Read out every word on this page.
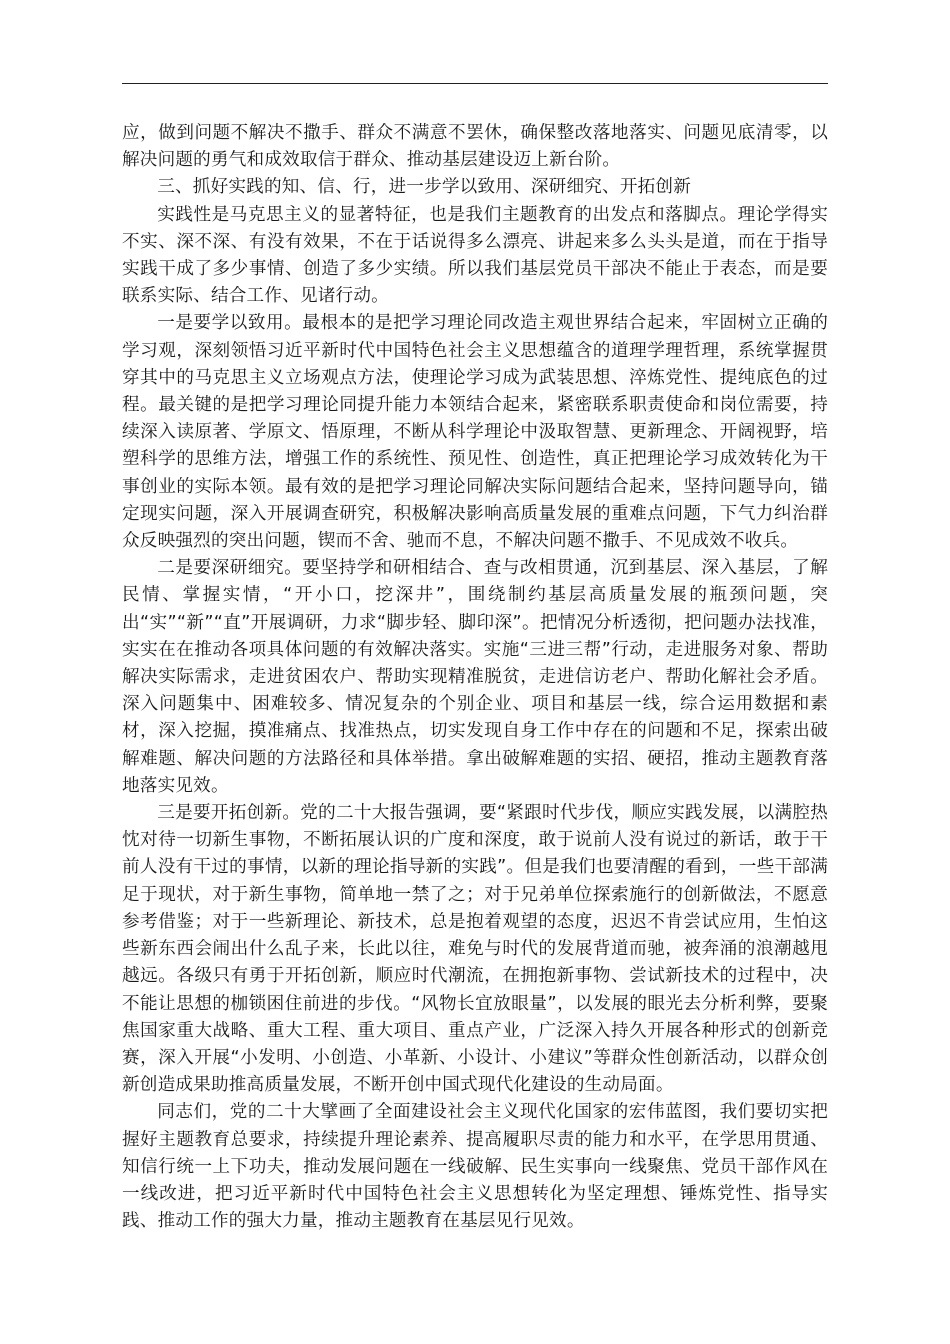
应，做到问题不解决不撒手、群众不满意不罢休，确保整改落地落实、问题见底清零，以解决问题的勇气和成效取信于群众、推动基层建设迈上新台阶。

三、抓好实践的知、信、行，进一步学以致用、深研细究、开拓创新

实践性是马克思主义的显著特征，也是我们主题教育的出发点和落脚点。理论学得实不实、深不深、有没有效果，不在于话说得多么漂亮、讲起来多么头头是道，而在于指导实践干成了多少事情、创造了多少实绩。所以我们基层党员干部决不能止于表态，而是要联系实际、结合工作、见诸行动。

一是要学以致用。最根本的是把学习理论同改造主观世界结合起来，牢固树立正确的学习观，深刻领悟习近平新时代中国特色社会主义思想蕴含的道理学理哲理，系统掌握贯穿其中的马克思主义立场观点方法，使理论学习成为武装思想、淬炼党性、提纯底色的过程。最关键的是把学习理论同提升能力本领结合起来，紧密联系职责使命和岗位需要，持续深入读原著、学原文、悟原理，不断从科学理论中汲取智慧、更新理念、开阔视野，培塑科学的思维方法，增强工作的系统性、预见性、创造性，真正把理论学习成效转化为干事创业的实际本领。最有效的是把学习理论同解决实际问题结合起来，坚持问题导向，锚定现实问题，深入开展调查研究，积极解决影响高质量发展的重难点问题，下气力纠治群众反映强烈的突出问题，锲而不舍、驰而不息，不解决问题不撒手、不见成效不收兵。

二是要深研细究。要坚持学和研相结合、查与改相贯通，沉到基层、深入基层，了解民情、掌握实情，“开小口，挖深井”，围绕制约基层高质量发展的瓶颈问题，突出“实”“新”“直”开展调研，力求“脚步轻、脚印深”。把情况分析透彻，把问题办法找准，实实在在推动各项具体问题的有效解决落实。实施“三进三帮”行动，走进服务对象、帮助解决实际需求，走进贫困农户、帮助实现精准脱贫，走进信访老户、帮助化解社会矛盾。深入问题集中、困难较多、情况复杂的个别企业、项目和基层一线，综合运用数据和素材，深入挖掘，摸准痛点、找准热点，切实发现自身工作中存在的问题和不足，探索出破解难题、解决问题的方法路径和具体举措。拿出破解难题的实招、硬招，推动主题教育落地落实见效。

三是要开拓创新。党的二十大报告强调，要“紧跟时代步伐，顺应实践发展，以满腔热忱对待一切新生事物，不断拓展认识的广度和深度，敢于说前人没有说过的新话，敢于干前人没有干过的事情，以新的理论指导新的实践”。但是我们也要清醒的看到，一些干部满足于现状，对于新生事物，简单地一禁了之；对于兄弟单位探索施行的创新做法，不愿意参考借鉴；对于一些新理论、新技术，总是抱着观望的态度，迟迟不肯尝试应用，生怕这些新东西会闹出什么乱子来，长此以往，难免与时代的发展背道而驰，被奔涌的浪潮越甩越远。各级只有勇于开拓创新，顺应时代潮流，在拥抱新事物、尝试新技术的过程中，决不能让思想的枷锁困住前进的步伐。“风物长宜放眼量”，以发展的眼光去分析利弊，要聚焦国家重大战略、重大工程、重大项目、重点产业，广泛深入持久开展各种形式的创新竞赛，深入开展“小发明、小创造、小革新、小设计、小建议”等群众性创新活动，以群众创新创造成果助推高质量发展，不断开创中国式现代化建设的生动局面。

同志们，党的二十大擘画了全面建设社会主义现代化国家的宏伟蓝图，我们要切实把握好主题教育总要求，持续提升理论素养、提高履职尽责的能力和水平，在学思用贯通、知信行统一上下功夫，推动发展问题在一线破解、民生实事向一线聚焦、党员干部作风在一线改进，把习近平新时代中国特色社会主义思想转化为坚定理想、锤炼党性、指导实践、推动工作的强大力量，推动主题教育在基层见行见效。
